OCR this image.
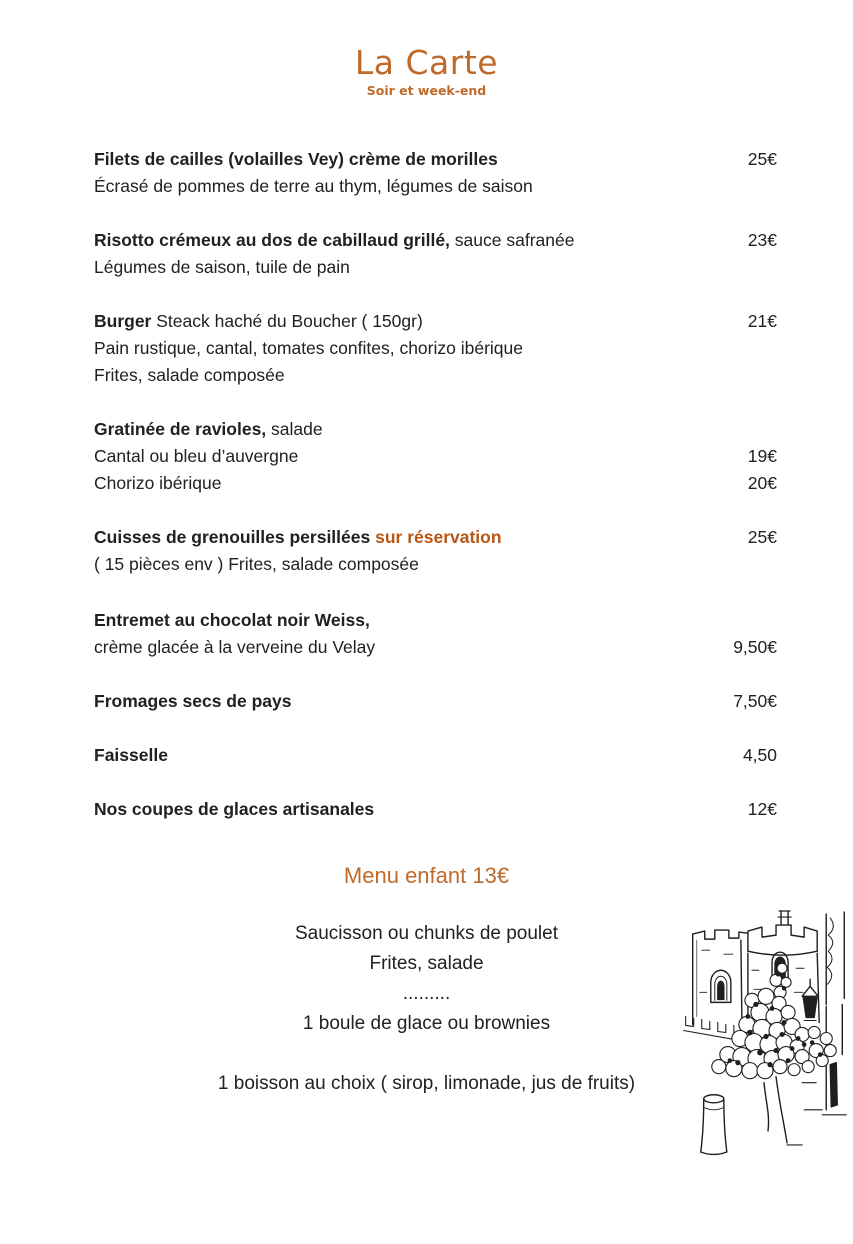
La Carte
Soir et week-end
Filets de cailles (volailles Vey) crème de morilles	25€
Écrasé de pommes de terre au thym, légumes de saison
Risotto crémeux au dos de cabillaud grillé, sauce safranée	23€
Légumes de saison, tuile de pain
Burger Steack haché du Boucher ( 150gr)	21€
Pain rustique, cantal, tomates confites, chorizo ibérique
Frites, salade composée
Gratinée de ravioles, salade
Cantal ou bleu d’auvergne	19€
Chorizo ibérique	20€
Cuisses de grenouilles persillées sur réservation	25€
( 15 pièces env ) Frites, salade composée
Entremet au chocolat noir Weiss,
crème glacée à la verveine du Velay	9,50€
Fromages secs de pays	7,50€
Faisselle	4,50
Nos coupes de glaces artisanales	12€
Menu enfant 13€

Saucisson ou chunks de poulet

Frites, salade

.........

1 boule de glace ou brownies

1 boisson au choix ( sirop, limonade, jus de fruits)
